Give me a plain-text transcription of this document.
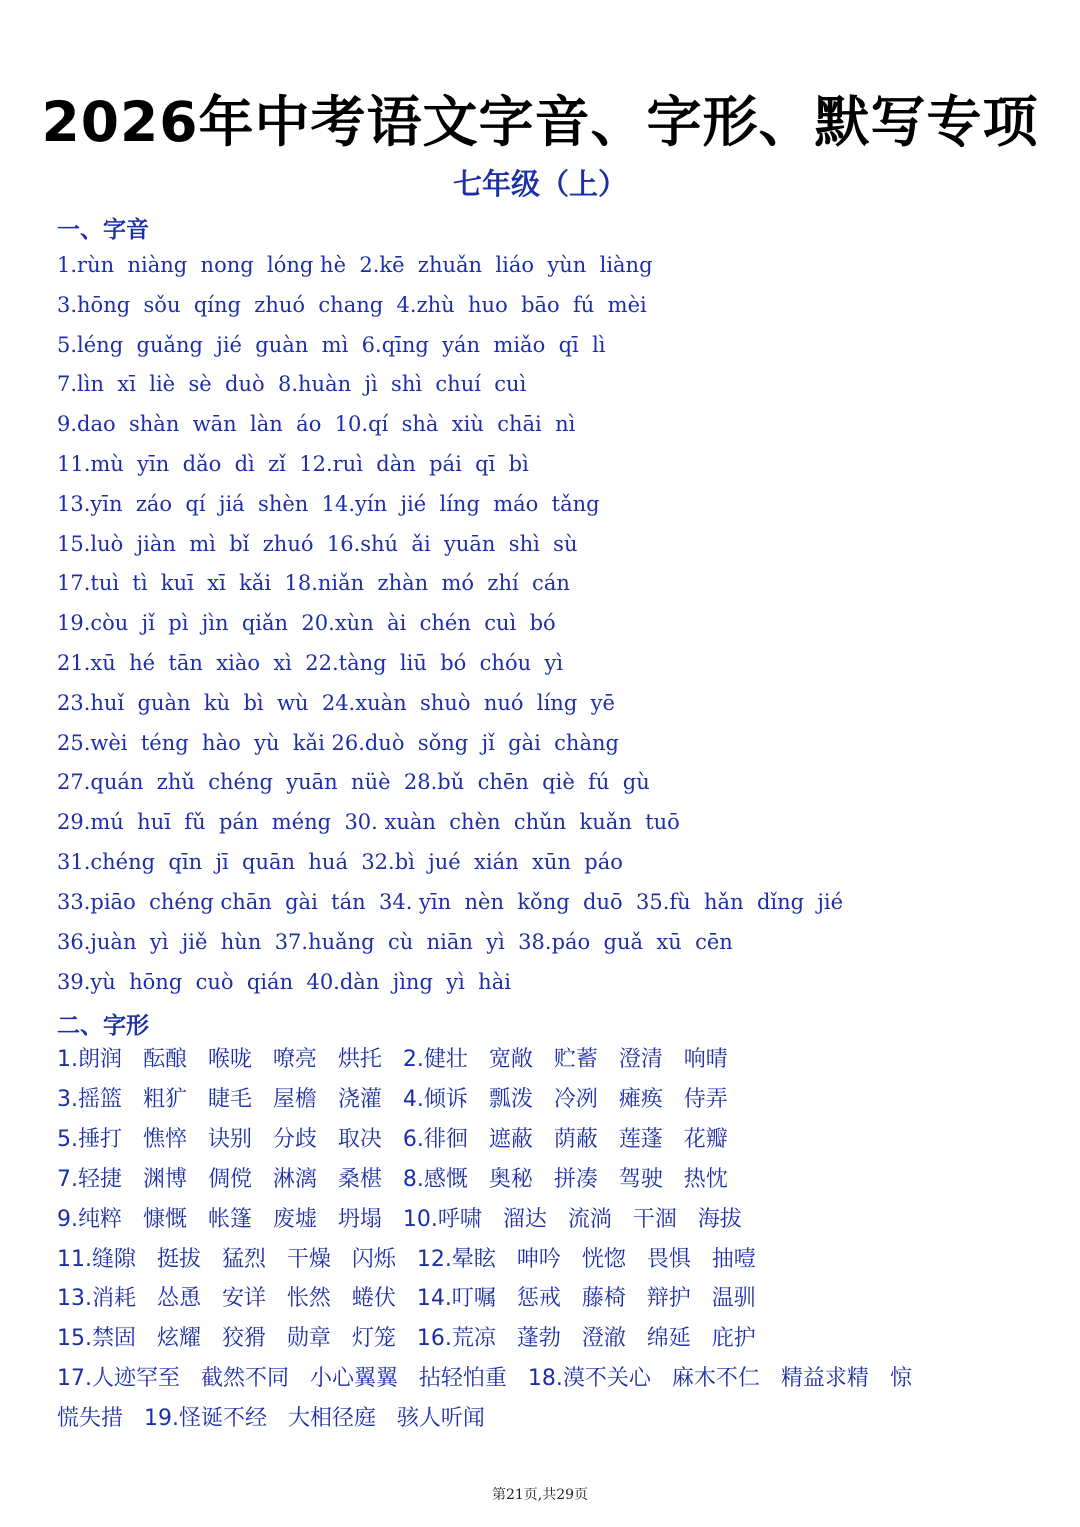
2026年中考语文字音、字形、默写专项
七年级（上）
一、字音
1.rùn  niàng  nong  lóng hè  2.kē  zhuǎn  liáo  yùn  liàng
3.hōng  sǒu  qíng  zhuó  chang  4.zhù  huo  bāo  fú  mèi
5.léng  guǎng  jié  guàn  mì  6.qīng  yán  miǎo  qī  lì
7.lìn  xī  liè  sè  duò  8.huàn  jì  shì  chuí  cuì
9.dao  shàn  wān  làn  áo  10.qí  shà  xiù  chāi  nì
11.mù  yīn  dǎo  dì  zǐ  12.ruì  dàn  pái  qī  bì
13.yīn  záo  qí  jiá  shèn  14.yín  jié  líng  máo  tǎng
15.luò  jiàn  mì  bǐ  zhuó  16.shú  ǎi  yuān  shì  sù
17.tuì  tì  kuī  xī  kǎi  18.niǎn  zhàn  mó  zhí  cán
19.còu  jǐ  pì  jìn  qiǎn  20.xùn  ài  chén  cuì  bó
21.xū  hé  tān  xiào  xì  22.tàng  liū  bó  chóu  yì
23.huǐ  guàn  kù  bì  wù  24.xuàn  shuò  nuó  líng  yē
25.wèi  téng  hào  yù  kǎi 26.duò  sǒng  jǐ  gài  chàng
27.quán  zhǔ  chéng  yuān  nüè  28.bǔ  chēn  qiè  fú  gù
29.mú  huī  fǔ  pán  méng  30. xuàn  chèn  chǔn  kuǎn  tuō
31.chéng  qīn  jī  quān  huá  32.bì  jué  xián  xūn  páo
33.piāo  chéng chān  gài  tán  34. yīn  nèn  kǒng  duō  35.fù  hǎn  dǐng  jié
36.juàn  yì  jiě  hùn  37.huǎng  cù  niān  yì  38.páo  guǎ  xū  cēn
39.yù  hōng  cuò  qián  40.dàn  jìng  yì  hài
二、字形
1.朗润   酝酿   喉咙   嘹亮   烘托   2.健壮   宽敞   贮蓄   澄清   响晴
3.摇篮   粗犷   睫毛   屋檐   浇灌   4.倾诉   瓢泼   冷冽   瘫痪   侍弄
5.捶打   憔悴   诀别   分歧   取决   6.徘徊   遮蔽   荫蔽   莲蓬   花瓣
7.轻捷   渊博   倜傥   淋漓   桑椹   8.感慨   奥秘   拼凑   驾驶   热忱
9.纯粹   慷慨   帐篷   废墟   坍塌   10.呼啸   溜达   流淌   干涸   海拔
11.缝隙   挺拔   猛烈   干燥   闪烁   12.晕眩   呻吟   恍惚   畏惧   抽噎
13.消耗   怂恿   安详   怅然   蜷伏   14.叮嘱   惩戒   藤椅   辩护   温驯
15.禁固   炫耀   狡猾   勋章   灯笼   16.荒凉   蓬勃   澄澈   绵延   庇护
17.人迹罕至   截然不同   小心翼翼   拈轻怕重   18.漠不关心   麻木不仁   精益求精   惊
慌失措   19.怪诞不经   大相径庭   骇人听闻
第21页,共29页
